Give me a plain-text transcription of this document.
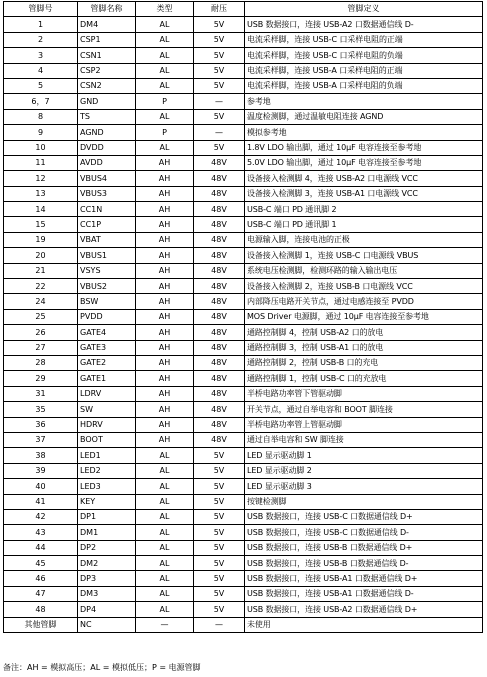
管脚号	管脚名称	类型	耐压	管脚定义
1	DM4	AL	5V	USB 数据接口，连接 USB-A2 口数据通信线 D-
2	CSP1	AL	5V	电流采样脚，连接 USB-C 口采样电阻的正端
3	CSN1	AL	5V	电流采样脚，连接 USB-C 口采样电阻的负端
4	CSP2	AL	5V	电流采样脚，连接 USB-A 口采样电阻的正端
5	CSN2	AL	5V	电流采样脚，连接 USB-A 口采样电阻的负端
6，7	GND	P	—	参考地
8	TS	AL	5V	温度检测脚，通过温敏电阻连接 AGND
9	AGND	P	—	模拟参考地
10	DVDD	AL	5V	1.8V LDO 输出脚，通过 10μF 电容连接至参考地
11	AVDD	AH	48V	5.0V LDO 输出脚，通过 10μF 电容连接至参考地
12	VBUS4	AH	48V	设备接入检测脚 4，连接 USB-A2 口电源线 VCC
13	VBUS3	AH	48V	设备接入检测脚 3，连接 USB-A1 口电源线 VCC
14	CC1N	AH	48V	USB-C 端口 PD 通讯脚 2
15	CC1P	AH	48V	USB-C 端口 PD 通讯脚 1
19	VBAT	AH	48V	电源输入脚，连接电池的正极
20	VBUS1	AH	48V	设备接入检测脚 1，连接 USB-C 口电源线 VBUS
21	VSYS	AH	48V	系统电压检测脚，检测环路的输入输出电压
22	VBUS2	AH	48V	设备接入检测脚 2，连接 USB-B 口电源线 VCC
24	BSW	AH	48V	内部降压电路开关节点，通过电感连接至 PVDD
25	PVDD	AH	48V	MOS Driver 电源脚，通过 10μF 电容连接至参考地
26	GATE4	AH	48V	通路控制脚 4，控制 USB-A2 口的放电
27	GATE3	AH	48V	通路控制脚 3，控制 USB-A1 口的放电
28	GATE2	AH	48V	通路控制脚 2，控制 USB-B 口的充电
29	GATE1	AH	48V	通路控制脚 1，控制 USB-C 口的充放电
31	LDRV	AH	48V	半桥电路功率管下管驱动脚
35	SW	AH	48V	开关节点，通过自举电容和 BOOT 脚连接
36	HDRV	AH	48V	半桥电路功率管上管驱动脚
37	BOOT	AH	48V	通过自举电容和 SW 脚连接
38	LED1	AL	5V	LED 显示驱动脚 1
39	LED2	AL	5V	LED 显示驱动脚 2
40	LED3	AL	5V	LED 显示驱动脚 3
41	KEY	AL	5V	按键检测脚
42	DP1	AL	5V	USB 数据接口，连接 USB-C 口数据通信线 D+
43	DM1	AL	5V	USB 数据接口，连接 USB-C 口数据通信线 D-
44	DP2	AL	5V	USB 数据接口，连接 USB-B 口数据通信线 D+
45	DM2	AL	5V	USB 数据接口，连接 USB-B 口数据通信线 D-
46	DP3	AL	5V	USB 数据接口，连接 USB-A1 口数据通信线 D+
47	DM3	AL	5V	USB 数据接口，连接 USB-A1 口数据通信线 D-
48	DP4	AL	5V	USB 数据接口，连接 USB-A2 口数据通信线 D+
其他管脚	NC	—	—	未使用
备注：AH = 模拟高压；AL = 模拟低压；P = 电源管脚
